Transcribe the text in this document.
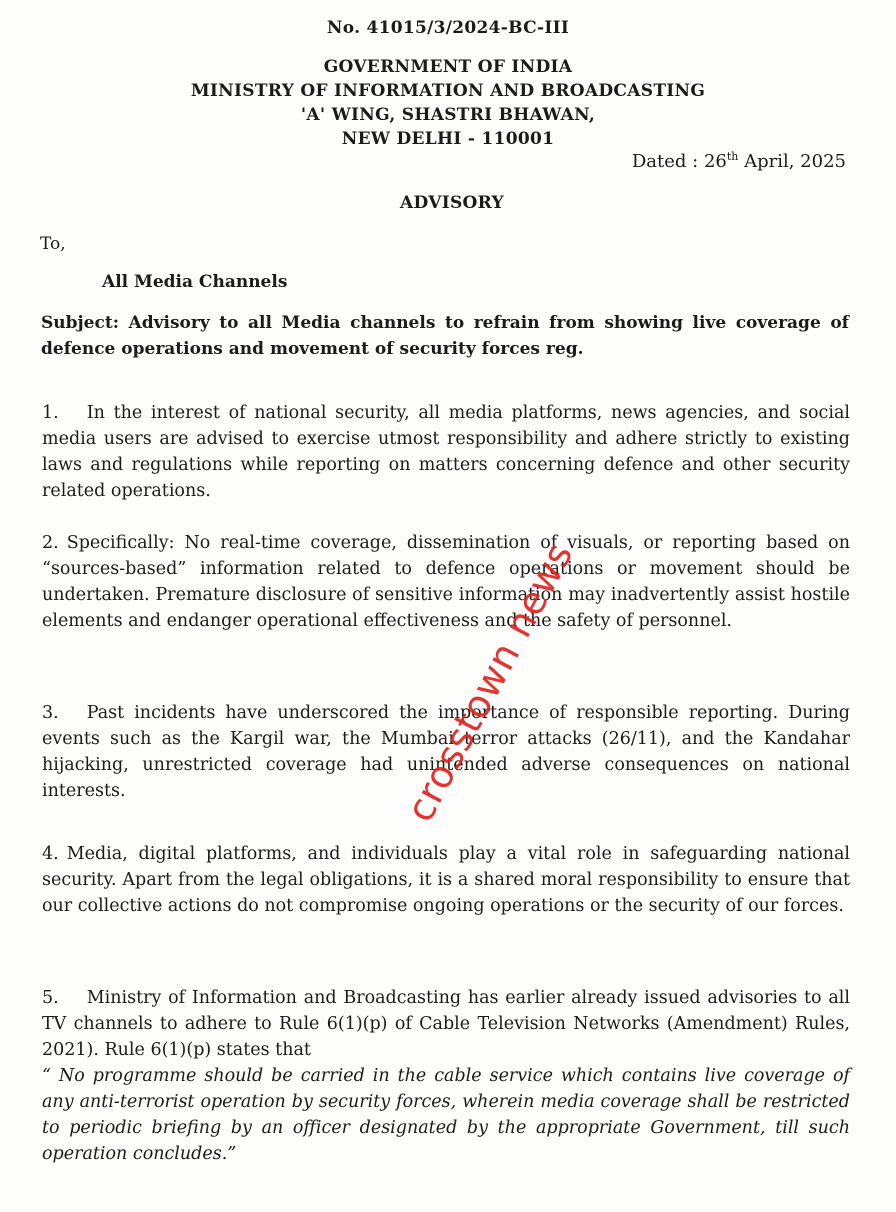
No. 41015/3/2024-BC-III
GOVERNMENT OF INDIA
MINISTRY OF INFORMATION AND BROADCASTING
'A' WING, SHASTRI BHAWAN,
NEW DELHI - 110001
Dated : 26th April, 2025
ADVISORY
To,
All Media Channels
Subject: Advisory to all Media channels to refrain from showing live coverage of defence operations and movement of security forces reg.
1. In the interest of national security, all media platforms, news agencies, and social media users are advised to exercise utmost responsibility and adhere strictly to existing laws and regulations while reporting on matters concerning defence and other security related operations.
2. Specifically: No real-time coverage, dissemination of visuals, or reporting based on “sources-based” information related to defence operations or movement should be undertaken. Premature disclosure of sensitive information may inadvertently assist hostile elements and endanger operational effectiveness and the safety of personnel.
3. Past incidents have underscored the importance of responsible reporting. During events such as the Kargil war, the Mumbai terror attacks (26/11), and the Kandahar hijacking, unrestricted coverage had unintended adverse consequences on national interests.
4. Media, digital platforms, and individuals play a vital role in safeguarding national security. Apart from the legal obligations, it is a shared moral responsibility to ensure that our collective actions do not compromise ongoing operations or the security of our forces.
5. Ministry of Information and Broadcasting has earlier already issued advisories to all TV channels to adhere to Rule 6(1)(p) of Cable Television Networks (Amendment) Rules, 2021). Rule 6(1)(p) states that
“ No programme should be carried in the cable service which contains live coverage of any anti-terrorist operation by security forces, wherein media coverage shall be restricted to periodic briefing by an officer designated by the appropriate Government, till such operation concludes.”
crosstown news
